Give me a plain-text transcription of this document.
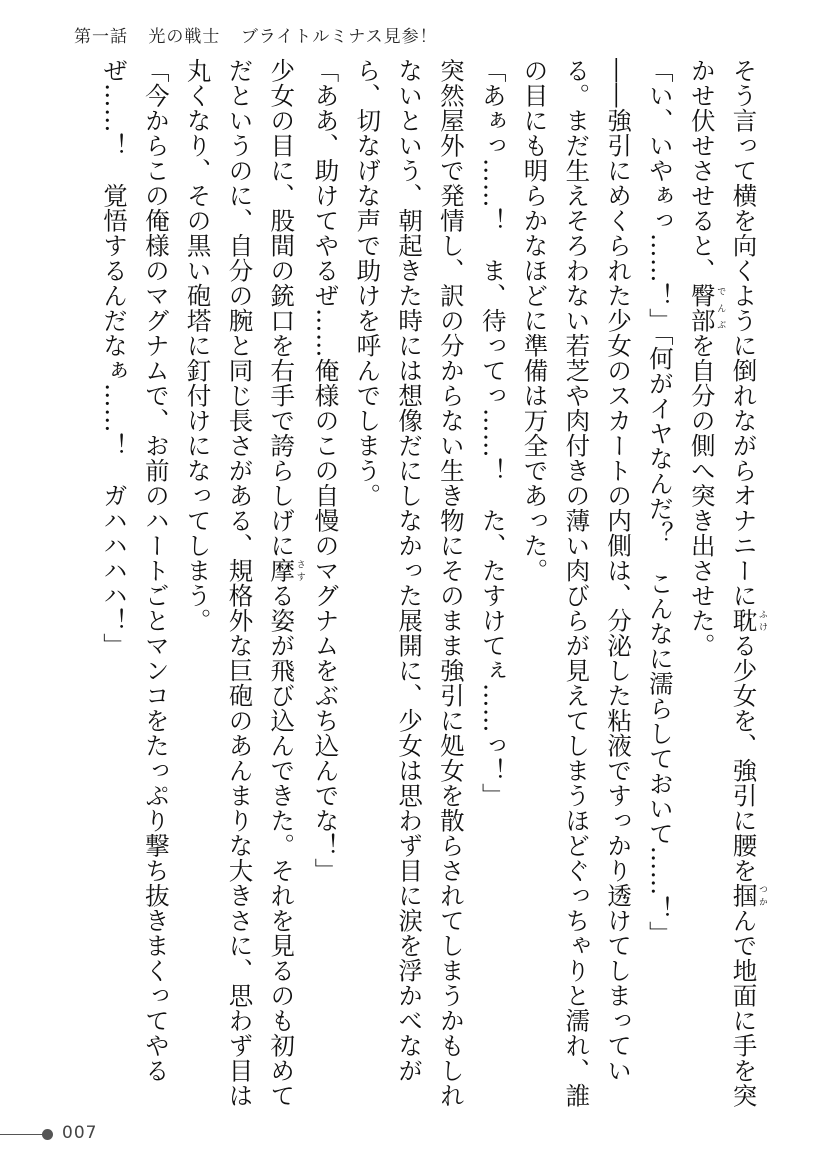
第一話 光の戦士 ブライトルミナス見参！

そう言って横を向くように倒れながらオナニーに耽ふける少女を、強引に腰を掴つかんで地面に手を突かせ伏せさせると、臀部でんぶを自分の側へ突き出させた。

「い、いやぁっ……！」「何がイヤなんだ？　こんなに濡らしておいて……！」

――強引にめくられた少女のスカートの内側は、分泌した粘液ですっかり透けてしまっている。まだ生えそろわない若芝や肉付きの薄い肉びらが見えてしまうほどぐっちゃりと濡れ、誰の目にも明らかなほどに準備は万全であった。

「あぁっ……！　ま、待ってっ……！　た、たすけてぇ……っ！」

突然屋外で発情し、訳の分からない生き物にそのまま強引に処女を散らされてしまうかもしれないという、朝起きた時には想像だにしなかった展開に、少女は思わず目に涙を浮かべながら、切なげな声で助けを呼んでしまう。

「ああ、助けてやるぜ……俺様のこの自慢のマグナムをぶち込んでな！」

少女の目に、股間の銃口を右手で誇らしげに摩さする姿が飛び込んできた。それを見るのも初めてだというのに、自分の腕と同じ長さがある、規格外な巨砲のあんまりな大きさに、思わず目は丸くなり、その黒い砲塔に釘付けになってしまう。

「今からこの俺様のマグナムで、お前のハートごとマンコをたっぷり撃ち抜きまくってやるぜ……！　覚悟するんだなぁ……！　ガハハハハ！」

007
